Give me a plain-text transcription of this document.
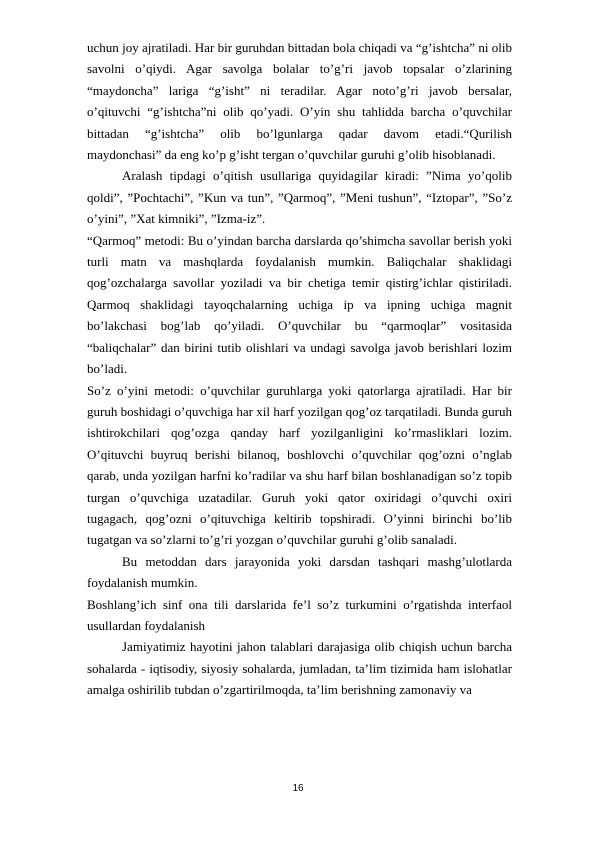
uchun joy ajratiladi. Har bir guruhdan bittadan bola chiqadi va “g’ishtcha” ni olib savolni o’qiydi. Agar savolga bolalar to’g’ri javob topsalar o’zlarining “maydoncha” lariga “g’isht” ni teradilar. Agar noto’g’ri javob bersalar, o’qituvchi “g’ishtcha”ni olib qo’yadi. O’yin shu tahlidda barcha o’quvchilar bittadan “g’ishtcha” olib bo’lgunlarga qadar davom etadi.“Qurilish maydonchasi” da eng ko’p g’isht tergan o’quvchilar guruhi g’olib hisoblanadi.

Aralash tipdagi o’qitish usullariga quyidagilar kiradi: ”Nima yo’qolib qoldi”, ”Pochtachi”, ”Kun va tun”, ”Qarmoq”, ”Meni tushun”, “Iztopar”, ”So’z o’yini”, ”Xat kimniki”, ”Izma-iz”.

“Qarmoq” metodi: Bu o’yindan barcha darslarda qo’shimcha savollar berish yoki turli matn va mashqlarda foydalanish mumkin. Baliqchalar shaklidagi qog’ozchalarga savollar yoziladi va bir chetiga temir qistirg’ichlar qistiriladi. Qarmoq shaklidagi tayoqchalarning uchiga ip va ipning uchiga magnit bo’lakchasi bog’lab qo’yiladi. O’quvchilar bu “qarmoqlar” vositasida “baliqchalar” dan birini tutib olishlari va undagi savolga javob berishlari lozim bo’ladi.

So’z o’yini metodi: o’quvchilar guruhlarga yoki qatorlarga ajratiladi. Har bir guruh boshidagi o’quvchiga har xil harf yozilgan qog’oz tarqatiladi. Bunda guruh ishtirokchilari qog’ozga qanday harf yozilganligini ko’rmasliklari lozim. O’qituvchi buyruq berishi bilanoq, boshlovchi o’quvchilar qog’ozni o’nglab qarab, unda yozilgan harfni ko’radilar va shu harf bilan boshlanadigan so’z topib turgan o’quvchiga uzatadilar. Guruh yoki qator oxiridagi o’quvchi oxiri tugagach, qog’ozni o’qituvchiga keltirib topshiradi. O’yinni birinchi bo’lib tugatgan va so’zlarni to’g’ri yozgan o’quvchilar guruhi g’olib sanaladi.

Bu metoddan dars jarayonida yoki darsdan tashqari mashg’ulotlarda foydalanish mumkin.

Boshlang’ich sinf ona tili darslarida fe’l so’z turkumini o’rgatishda interfaol usullardan foydalanish

Jamiyatimiz hayotini jahon talablari darajasiga olib chiqish uchun barcha sohalarda - iqtisodiy, siyosiy sohalarda, jumladan, ta’lim tizimida ham islohatlar amalga oshirilib tubdan o’zgartirilmoqda, ta’lim berishning zamonaviy va

16
